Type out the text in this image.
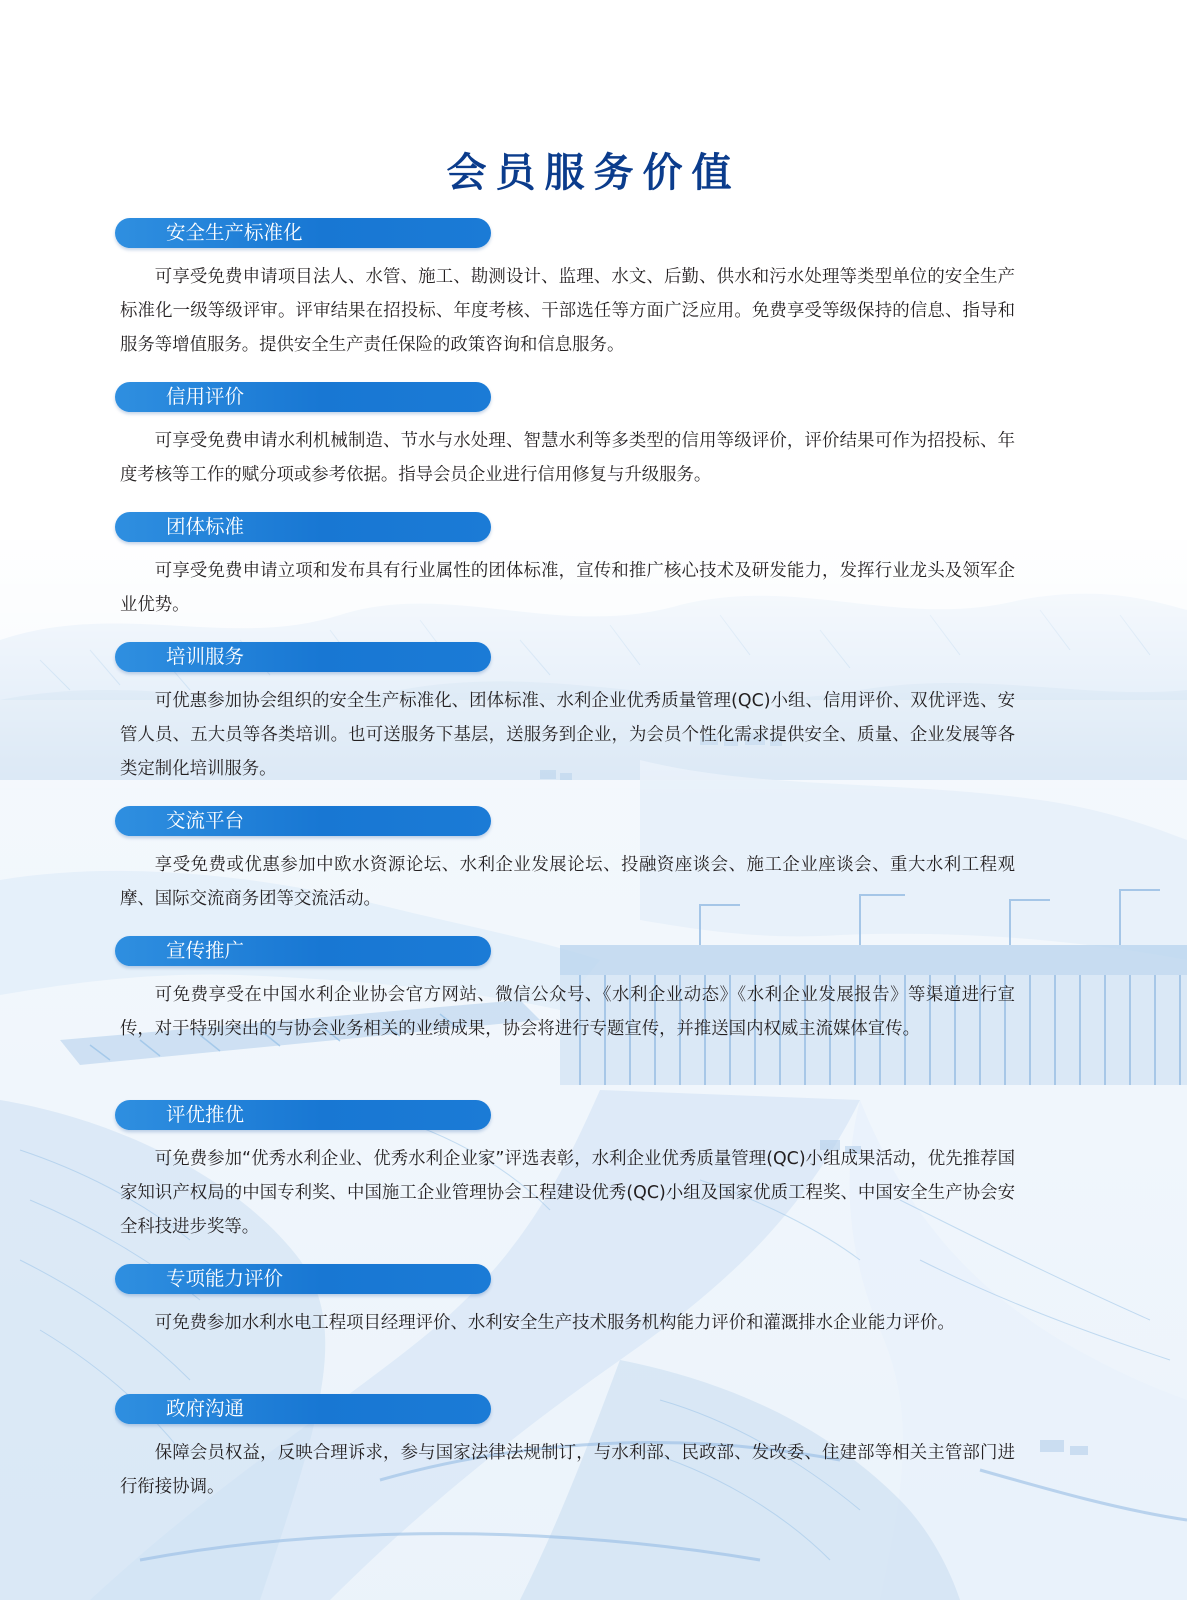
会员服务价值
安全生产标准化

可享受免费申请项目法人、水管、施工、勘测设计、监理、水文、后勤、供水和污水处理等类型单位的安全生产标准化一级等级评审。评审结果在招投标、年度考核、干部选任等方面广泛应用。免费享受等级保持的信息、指导和服务等增值服务。提供安全生产责任保险的政策咨询和信息服务。

信用评价

可享受免费申请水利机械制造、节水与水处理、智慧水利等多类型的信用等级评价，评价结果可作为招投标、年度考核等工作的赋分项或参考依据。指导会员企业进行信用修复与升级服务。

团体标准

可享受免费申请立项和发布具有行业属性的团体标准，宣传和推广核心技术及研发能力，发挥行业龙头及领军企业优势。

培训服务

可优惠参加协会组织的安全生产标准化、团体标准、水利企业优秀质量管理(QC)小组、信用评价、双优评选、安管人员、五大员等各类培训。也可送服务下基层，送服务到企业，为会员个性化需求提供安全、质量、企业发展等各类定制化培训服务。

交流平台

享受免费或优惠参加中欧水资源论坛、水利企业发展论坛、投融资座谈会、施工企业座谈会、重大水利工程观摩、国际交流商务团等交流活动。

宣传推广

可免费享受在中国水利企业协会官方网站、微信公众号、《水利企业动态》《水利企业发展报告》等渠道进行宣传，对于特别突出的与协会业务相关的业绩成果，协会将进行专题宣传，并推送国内权威主流媒体宣传。

评优推优

可免费参加“优秀水利企业、优秀水利企业家”评选表彰，水利企业优秀质量管理(QC)小组成果活动，优先推荐国家知识产权局的中国专利奖、中国施工企业管理协会工程建设优秀(QC)小组及国家优质工程奖、中国安全生产协会安全科技进步奖等。

专项能力评价

可免费参加水利水电工程项目经理评价、水利安全生产技术服务机构能力评价和灌溉排水企业能力评价。

政府沟通

保障会员权益，反映合理诉求，参与国家法律法规制订，与水利部、民政部、发改委、住建部等相关主管部门进行衔接协调。
